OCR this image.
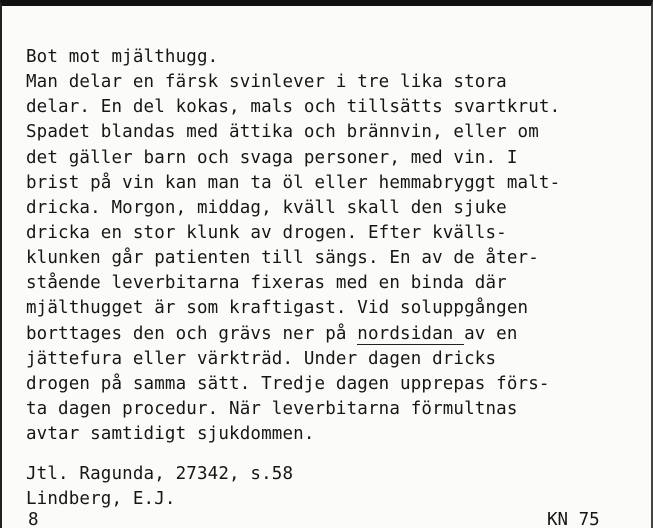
Bot mot mjälthugg.
Man delar en färsk svinlever i tre lika stora
delar. En del kokas, mals och tillsätts svartkrut.
Spadet blandas med ättika och brännvin, eller om
det gäller barn och svaga personer, med vin. I
brist på vin kan man ta öl eller hemmabryggt malt-
dricka. Morgon, middag, kväll skall den sjuke
dricka en stor klunk av drogen. Efter kvälls-
klunken går patienten till sängs. En av de åter-
stående leverbitarna fixeras med en binda där
mjälthugget är som kraftigast. Vid soluppgången
borttages den och grävs ner på nordsidan av en
jättefura eller värkträd. Under dagen dricks
drogen på samma sätt. Tredje dagen upprepas förs-
ta dagen procedur. När leverbitarna förmultnas
avtar samtidigt sjukdommen.
Jtl. Ragunda, 27342, s.58
Lindberg, E.J.
8	KN 75
